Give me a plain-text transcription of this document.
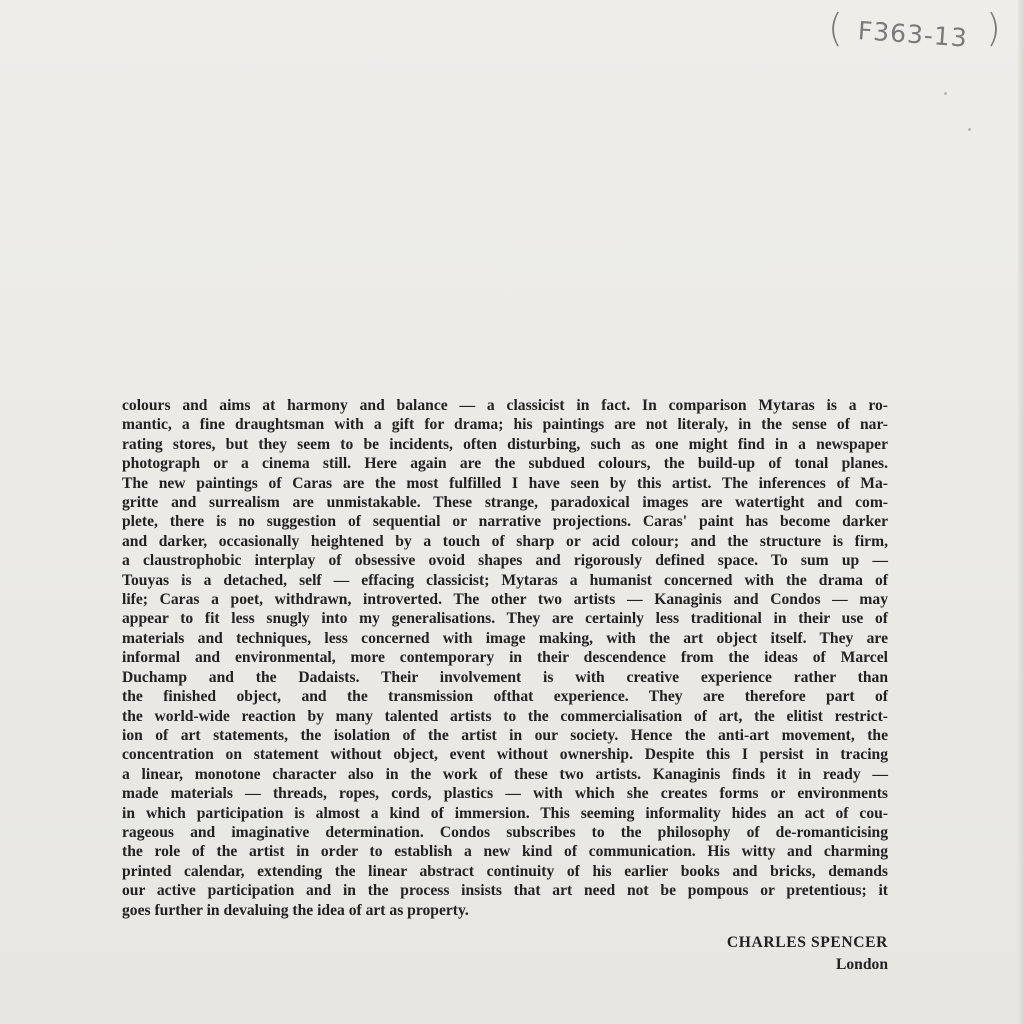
( F363-13 )
colours and aims at harmony and balance — a classicist in fact. In comparison Mytaras is a ro-
mantic, a fine draughtsman with a gift for drama; his paintings are not literaly, in the sense of nar-
rating stores, but they seem to be incidents, often disturbing, such as one might find in a newspaper
photograph or a cinema still. Here again are the subdued colours, the build-up of tonal planes.
The new paintings of Caras are the most fulfilled I have seen by this artist. The inferences of Ma-
gritte and surrealism are unmistakable. These strange, paradoxical images are watertight and com-
plete, there is no suggestion of sequential or narrative projections. Caras' paint has become darker
and darker, occasionally heightened by a touch of sharp or acid colour; and the structure is firm,
a claustrophobic interplay of obsessive ovoid shapes and rigorously defined space. To sum up —
Touyas is a detached, self — effacing classicist; Mytaras a humanist concerned with the drama of
life; Caras a poet, withdrawn, introverted. The other two artists — Kanaginis and Condos — may
appear to fit less snugly into my generalisations. They are certainly less traditional in their use of
materials and techniques, less concerned with image making, with the art object itself. They are
informal and environmental, more contemporary in their descendence from the ideas of Marcel
Duchamp and the Dadaists. Their involvement is with creative experience rather than
the finished object, and the transmission ofthat experience. They are therefore part of
the world-wide reaction by many talented artists to the commercialisation of art, the elitist restrict-
ion of art statements, the isolation of the artist in our society. Hence the anti-art movement, the
concentration on statement without object, event without ownership. Despite this I persist in tracing
a linear, monotone character also in the work of these two artists. Kanaginis finds it in ready —
made materials — threads, ropes, cords, plastics — with which she creates forms or environments
in which participation is almost a kind of immersion. This seeming informality hides an act of cou-
rageous and imaginative determination. Condos subscribes to the philosophy of de-romanticising
the role of the artist in order to establish a new kind of communication. His witty and charming
printed calendar, extending the linear abstract continuity of his earlier books and bricks, demands
our active participation and in the process insists that art need not be pompous or pretentious; it
goes further in devaluing the idea of art as property.
CHARLES SPENCER
London
